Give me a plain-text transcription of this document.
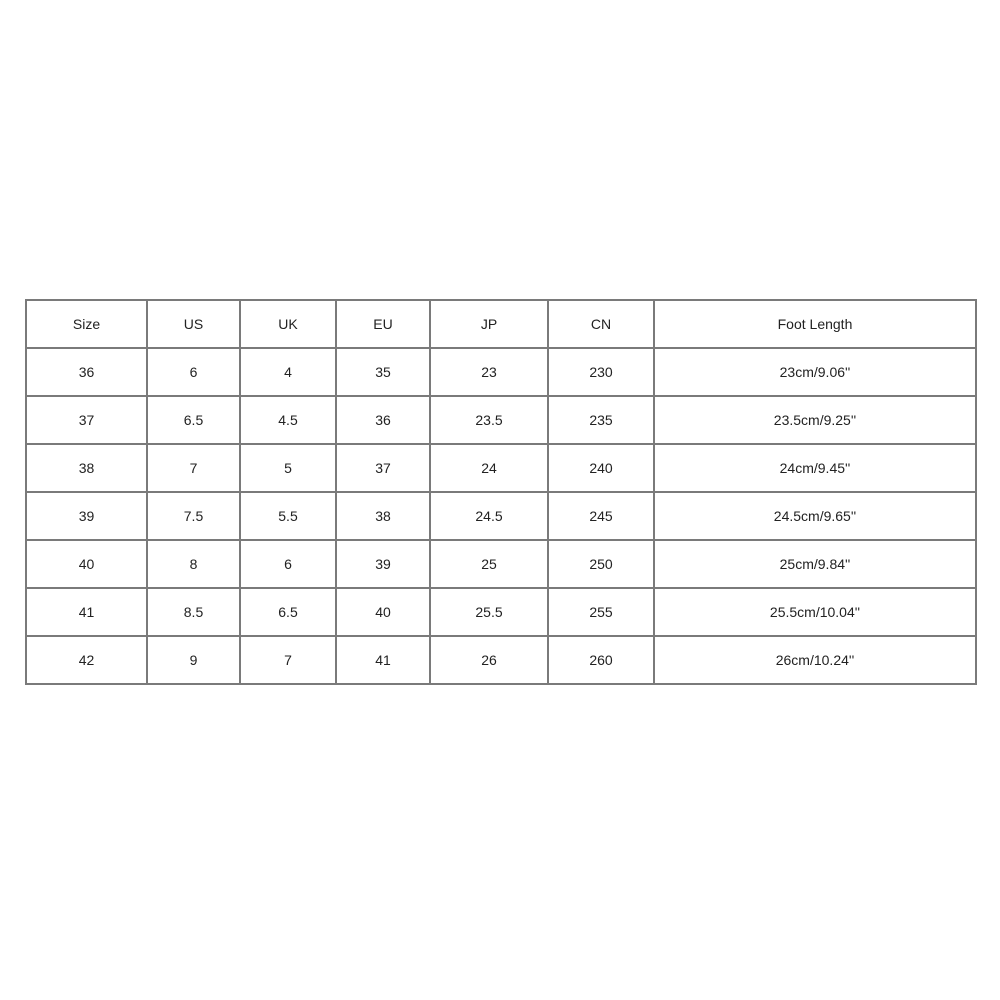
Size	US	UK	EU	JP	CN	Foot Length
36	6	4	35	23	230	23cm/9.06''
37	6.5	4.5	36	23.5	235	23.5cm/9.25''
38	7	5	37	24	240	24cm/9.45''
39	7.5	5.5	38	24.5	245	24.5cm/9.65''
40	8	6	39	25	250	25cm/9.84''
41	8.5	6.5	40	25.5	255	25.5cm/10.04''
42	9	7	41	26	260	26cm/10.24''
